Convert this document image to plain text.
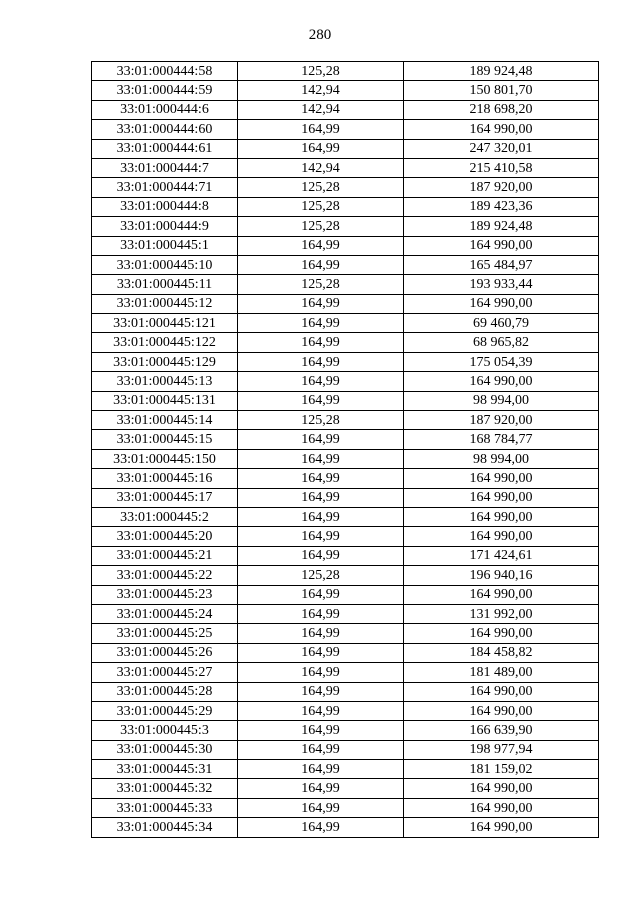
280
33:01:000444:58	125,28	189 924,48
33:01:000444:59	142,94	150 801,70
33:01:000444:6	142,94	218 698,20
33:01:000444:60	164,99	164 990,00
33:01:000444:61	164,99	247 320,01
33:01:000444:7	142,94	215 410,58
33:01:000444:71	125,28	187 920,00
33:01:000444:8	125,28	189 423,36
33:01:000444:9	125,28	189 924,48
33:01:000445:1	164,99	164 990,00
33:01:000445:10	164,99	165 484,97
33:01:000445:11	125,28	193 933,44
33:01:000445:12	164,99	164 990,00
33:01:000445:121	164,99	69 460,79
33:01:000445:122	164,99	68 965,82
33:01:000445:129	164,99	175 054,39
33:01:000445:13	164,99	164 990,00
33:01:000445:131	164,99	98 994,00
33:01:000445:14	125,28	187 920,00
33:01:000445:15	164,99	168 784,77
33:01:000445:150	164,99	98 994,00
33:01:000445:16	164,99	164 990,00
33:01:000445:17	164,99	164 990,00
33:01:000445:2	164,99	164 990,00
33:01:000445:20	164,99	164 990,00
33:01:000445:21	164,99	171 424,61
33:01:000445:22	125,28	196 940,16
33:01:000445:23	164,99	164 990,00
33:01:000445:24	164,99	131 992,00
33:01:000445:25	164,99	164 990,00
33:01:000445:26	164,99	184 458,82
33:01:000445:27	164,99	181 489,00
33:01:000445:28	164,99	164 990,00
33:01:000445:29	164,99	164 990,00
33:01:000445:3	164,99	166 639,90
33:01:000445:30	164,99	198 977,94
33:01:000445:31	164,99	181 159,02
33:01:000445:32	164,99	164 990,00
33:01:000445:33	164,99	164 990,00
33:01:000445:34	164,99	164 990,00
